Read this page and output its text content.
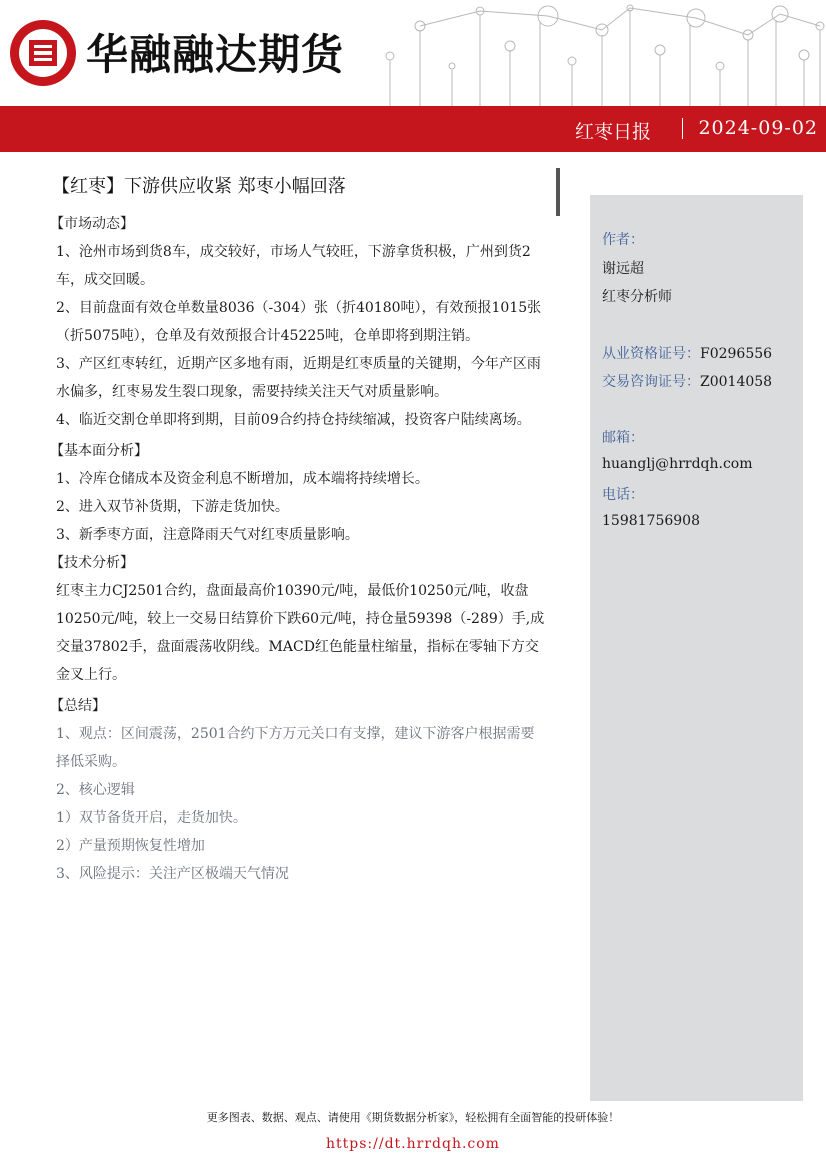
华融融达期货
红枣日报 2024-09-02
【红枣】下游供应收紧 郑枣小幅回落
【市场动态】

1、沧州市场到货8车，成交较好，市场人气较旺，下游拿货积极，广州到货2车，成交回暖。

2、目前盘面有效仓单数量8036（-304）张（折40180吨），有效预报1015张（折5075吨），仓单及有效预报合计45225吨，仓单即将到期注销。

3、产区红枣转红，近期产区多地有雨，近期是红枣质量的关键期，今年产区雨水偏多，红枣易发生裂口现象，需要持续关注天气对质量影响。

4、临近交割仓单即将到期，目前09合约持仓持续缩减，投资客户陆续离场。

【基本面分析】

1、冷库仓储成本及资金利息不断增加，成本端将持续增长。

2、进入双节补货期，下游走货加快。

3、新季枣方面，注意降雨天气对红枣质量影响。

【技术分析】

红枣主力CJ2501合约，盘面最高价10390元/吨，最低价10250元/吨，收盘10250元/吨，较上一交易日结算价下跌60元/吨，持仓量59398（-289）手,成交量37802手，盘面震荡收阴线。MACD红色能量柱缩量，指标在零轴下方交金叉上行。

【总结】

1、观点：区间震荡，2501合约下方万元关口有支撑，建议下游客户根据需要择低采购。

2、核心逻辑

1）双节备货开启，走货加快。

2）产量预期恢复性增加

3、风险提示：关注产区极端天气情况

作者：
谢远超
红枣分析师
从业资格证号：F0296556
交易咨询证号：Z0014058
邮箱：
huanglj@hrrdqh.com
电话：
15981756908
更多图表、数据、观点、请使用《期货数据分析家》，轻松拥有全面智能的投研体验！
https://dt.hrrdqh.com
